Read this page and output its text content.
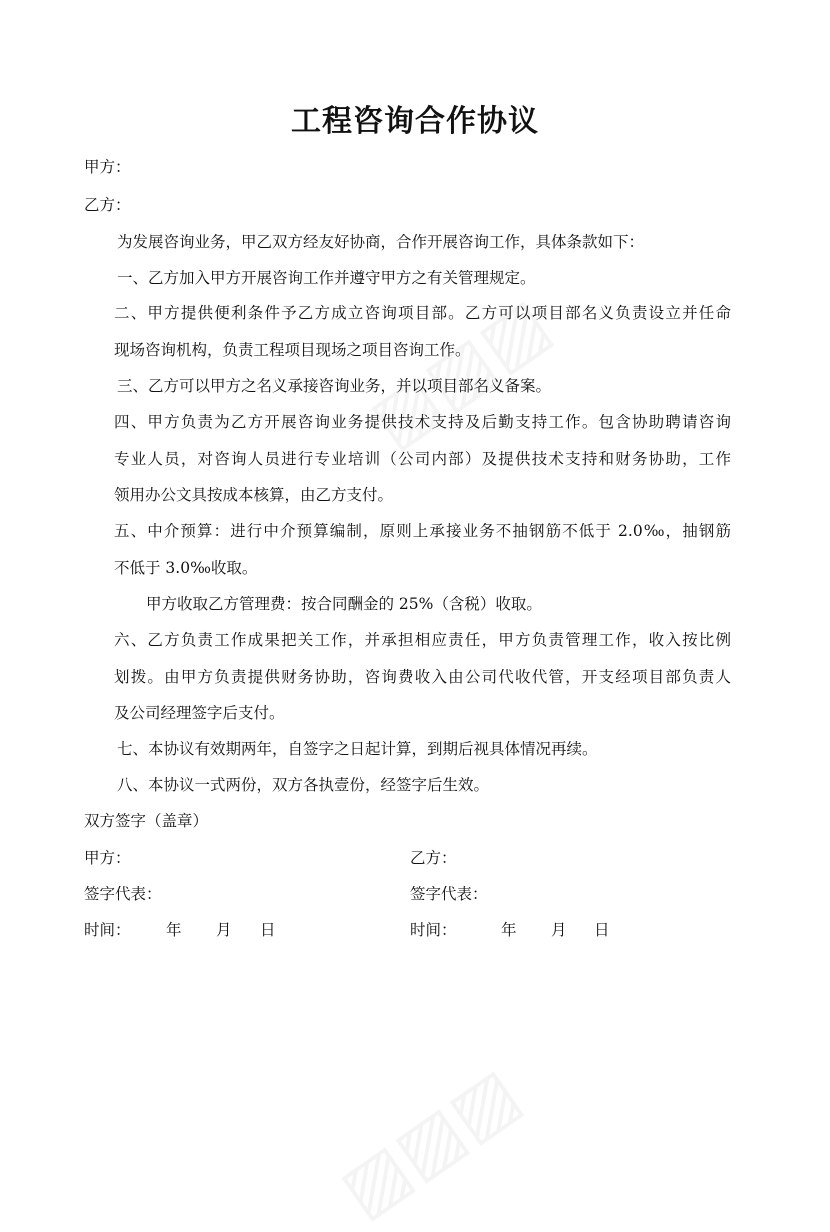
工程咨询合作协议
甲方：
乙方：
为发展咨询业务，甲乙双方经友好协商，合作开展咨询工作，具体条款如下：
一、乙方加入甲方开展咨询工作并遵守甲方之有关管理规定。
二、甲方提供便利条件予乙方成立咨询项目部。乙方可以项目部名义负责设立并任命
现场咨询机构，负责工程项目现场之项目咨询工作。
三、乙方可以甲方之名义承接咨询业务，并以项目部名义备案。
四、甲方负责为乙方开展咨询业务提供技术支持及后勤支持工作。包含协助聘请咨询
专业人员，对咨询人员进行专业培训（公司内部）及提供技术支持和财务协助，工作
领用办公文具按成本核算，由乙方支付。
五、中介预算：进行中介预算编制，原则上承接业务不抽钢筋不低于 2.0‰，抽钢筋
不低于 3.0‰收取。
甲方收取乙方管理费：按合同酬金的 25%（含税）收取。
六、乙方负责工作成果把关工作，并承担相应责任，甲方负责管理工作，收入按比例
划拨。由甲方负责提供财务协助，咨询费收入由公司代收代管，开支经项目部负责人
及公司经理签字后支付。
七、本协议有效期两年，自签字之日起计算，到期后视具体情况再续。
八、本协议一式两份，双方各执壹份，经签字后生效。
双方签字（盖章）
甲方：
签字代表：
时间： 年 月 日
乙方：
签字代表：
时间：	年 月 日
